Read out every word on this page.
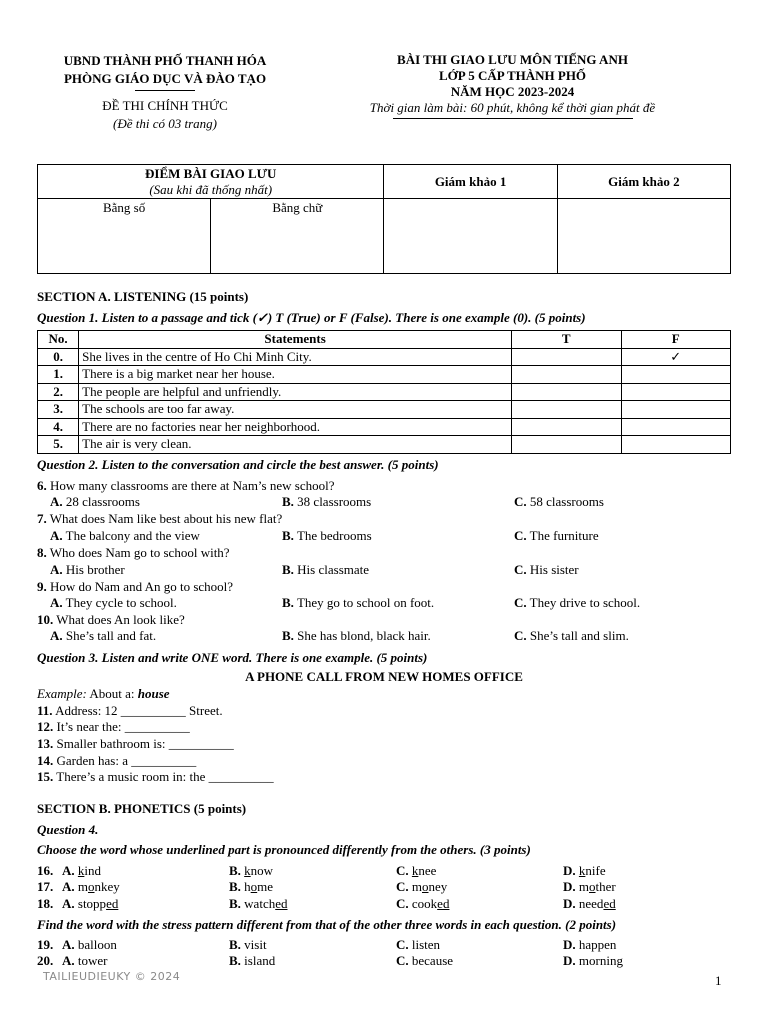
UBND THÀNH PHỐ THANH HÓA
PHÒNG GIÁO DỤC VÀ ĐÀO TẠO
ĐỀ THI CHÍNH THỨC
(Đề thi có 03 trang)
BÀI THI GIAO LƯU MÔN TIẾNG ANH
LỚP 5 CẤP THÀNH PHỐ
NĂM HỌC 2023-2024
Thời gian làm bài: 60 phút, không kể thời gian phát đề
ĐIỂM BÀI GIAO LƯU
(Sau khi đã thống nhất)		Giám khảo 1	Giám khảo 2
Bằng số	Bằng chữ		
SECTION A. LISTENING (15 points)
Question 1. Listen to a passage and tick (✓) T (True) or F (False). There is one example (0). (5 points)
No.	Statements	T	F
0.	She lives in the centre of Ho Chi Minh City.		✓
1.	There is a big market near her house.		
2.	The people are helpful and unfriendly.		
3.	The schools are too far away.		
4.	There are no factories near her neighborhood.		
5.	The air is very clean.		
Question 2. Listen to the conversation and circle the best answer. (5 points)
6. How many classrooms are there at Nam’s new school?
A. 28 classrooms	B. 38 classrooms	C. 58 classrooms
7. What does Nam like best about his new flat?
A. The balcony and the view	B. The bedrooms	C. The furniture
8. Who does Nam go to school with?
A. His brother	B. His classmate	C. His sister
9. How do Nam and An go to school?
A. They cycle to school.	B. They go to school on foot.	C. They drive to school.
10. What does An look like?
A. She’s tall and fat.	B. She has blond, black hair.	C. She’s tall and slim.
Question 3. Listen and write ONE word. There is one example. (5 points)
A PHONE CALL FROM NEW HOMES OFFICE
Example: About a: house
11. Address: 12 __________ Street.
12. It’s near the: __________
13. Smaller bathroom is: __________
14. Garden has: a __________
15. There’s a music room in: the __________
SECTION B. PHONETICS (5 points)
Question 4.
Choose the word whose underlined part is pronounced differently from the others. (3 points)
16. A. kind	B. know	C. knee	D. knife
17. A. monkey	B. home	C. money	D. mother
18. A. stopped	B. watched	C. cooked	D. needed
Find the word with the stress pattern different from that of the other three words in each question. (2 points)
19. A. balloon	B. visit	C. listen	D. happen
20. A. tower	B. island	C. because	D. morning
TAILIEUDIEUKY © 2024	1
